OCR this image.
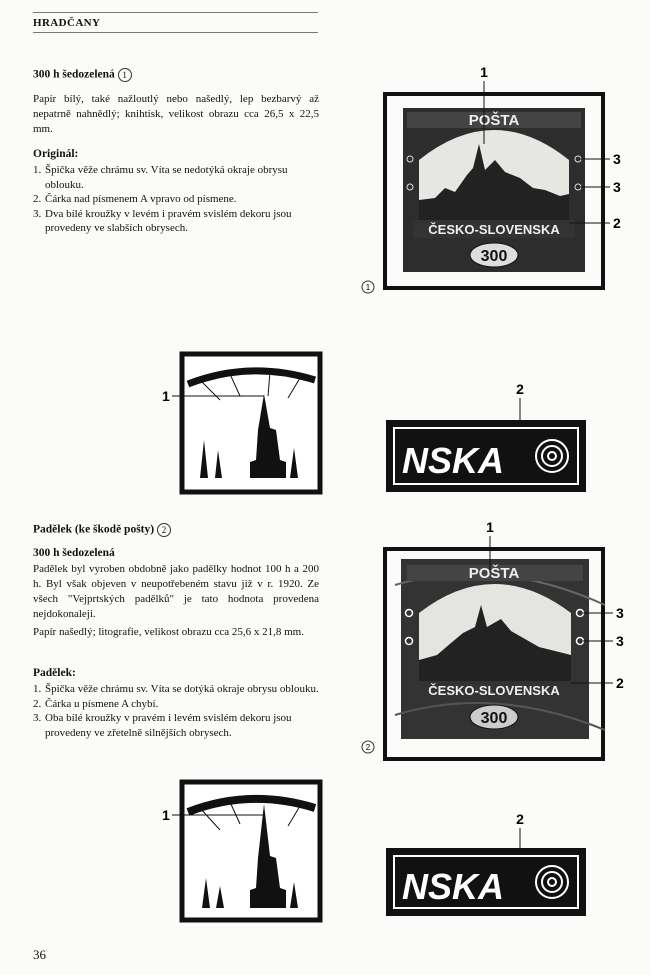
HRADČANY
300 h šedozelená 1
Papír bílý, také nažloutlý nebo našedlý, lep bezbarvý až nepatrně nahnědlý; knihtisk, velikost obrazu cca 26,5 x 22,5 mm.
Originál:
1. Špička věže chrámu sv. Víta se nedotýká okraje obrysu oblouku.
2. Čárka nad písmenem A vpravo od písmene.
3. Dva bílé kroužky v levém i pravém svislém dekoru jsou provedeny ve slabších obrysech.
POŠTA
ČESKO-SLOVENSKA
300
1
3
3
2
1
1	2
NSKA
Padělek (ke škodě pošty) 2
300 h šedozelená
Padělek byl vyroben obdobně jako padělky hodnot 100 h a 200 h. Byl však objeven v neupotřebeném stavu již v r. 1920. Ze všech "Vejprtských padělků" je tato hodnota provedena nejdokonaleji.
Papír našedlý; litografie, velikost obrazu cca 25,6 x 21,8 mm.
Padělek:
1. Špička věže chrámu sv. Víta se dotýká okraje obrysu oblouku.
2. Čárka u písmene A chybí.
3. Oba bílé kroužky v pravém i levém svislém dekoru jsou provedeny ve zřetelně silnějších obrysech.
POŠTA
ČESKO-SLOVENSKA
300
1
3
3
2
2
1	2
NSKA
36
